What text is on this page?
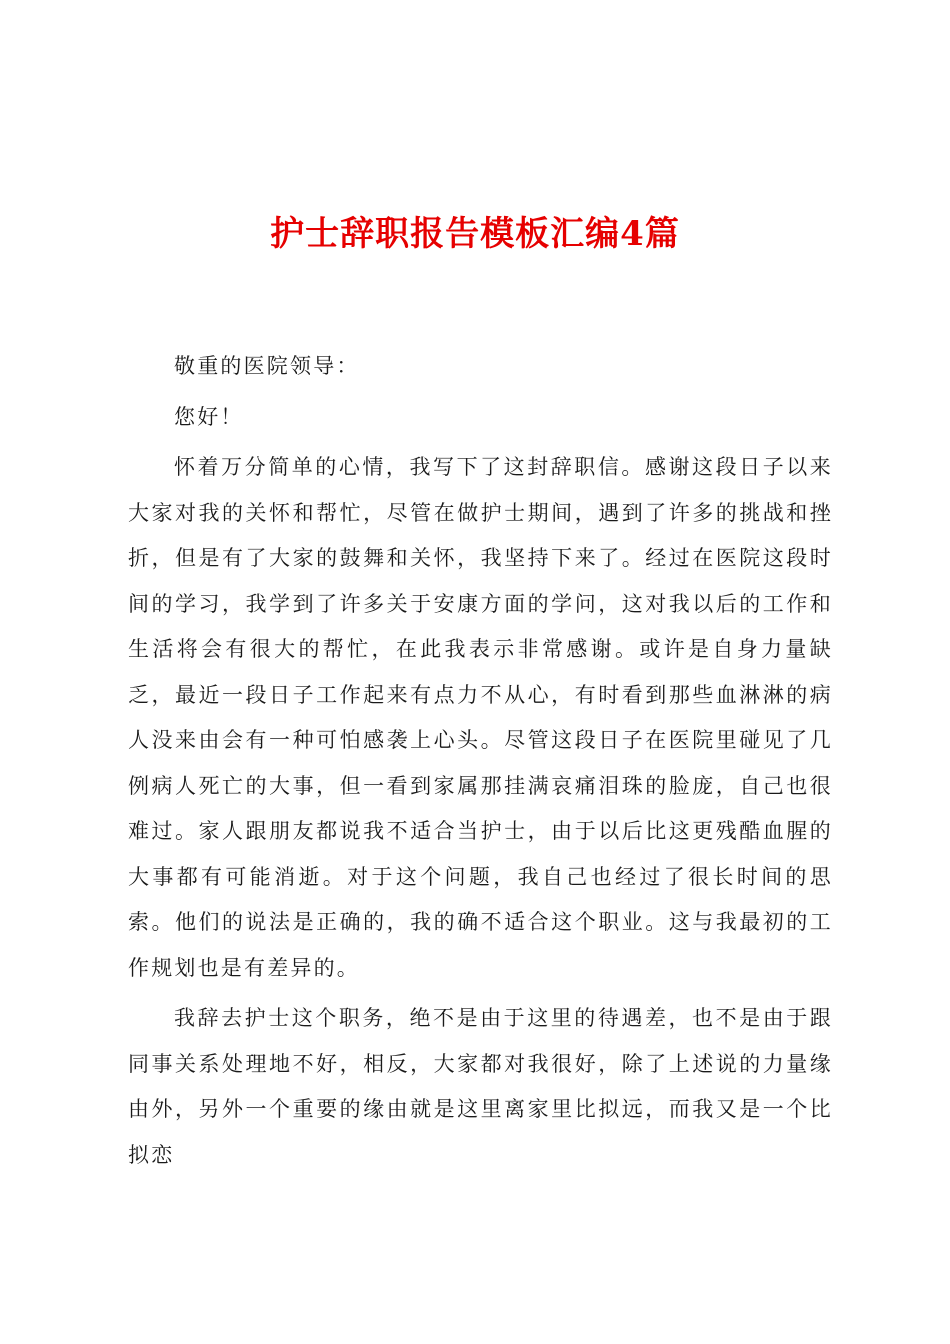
护士辞职报告模板汇编4篇

敬重的医院领导：

您好！

怀着万分简单的心情，我写下了这封辞职信。感谢这段日子以来大家对我的关怀和帮忙，尽管在做护士期间，遇到了许多的挑战和挫折，但是有了大家的鼓舞和关怀，我坚持下来了。经过在医院这段时间的学习，我学到了许多关于安康方面的学问，这对我以后的工作和生活将会有很大的帮忙，在此我表示非常感谢。或许是自身力量缺乏，最近一段日子工作起来有点力不从心，有时看到那些血淋淋的病人没来由会有一种可怕感袭上心头。尽管这段日子在医院里碰见了几例病人死亡的大事，但一看到家属那挂满哀痛泪珠的脸庞，自己也很难过。家人跟朋友都说我不适合当护士，由于以后比这更残酷血腥的大事都有可能消逝。对于这个问题，我自己也经过了很长时间的思索。他们的说法是正确的，我的确不适合这个职业。这与我最初的工作规划也是有差异的。

我辞去护士这个职务，绝不是由于这里的待遇差，也不是由于跟同事关系处理地不好，相反，大家都对我很好，除了上述说的力量缘由外，另外一个重要的缘由就是这里离家里比拟远，而我又是一个比拟恋
